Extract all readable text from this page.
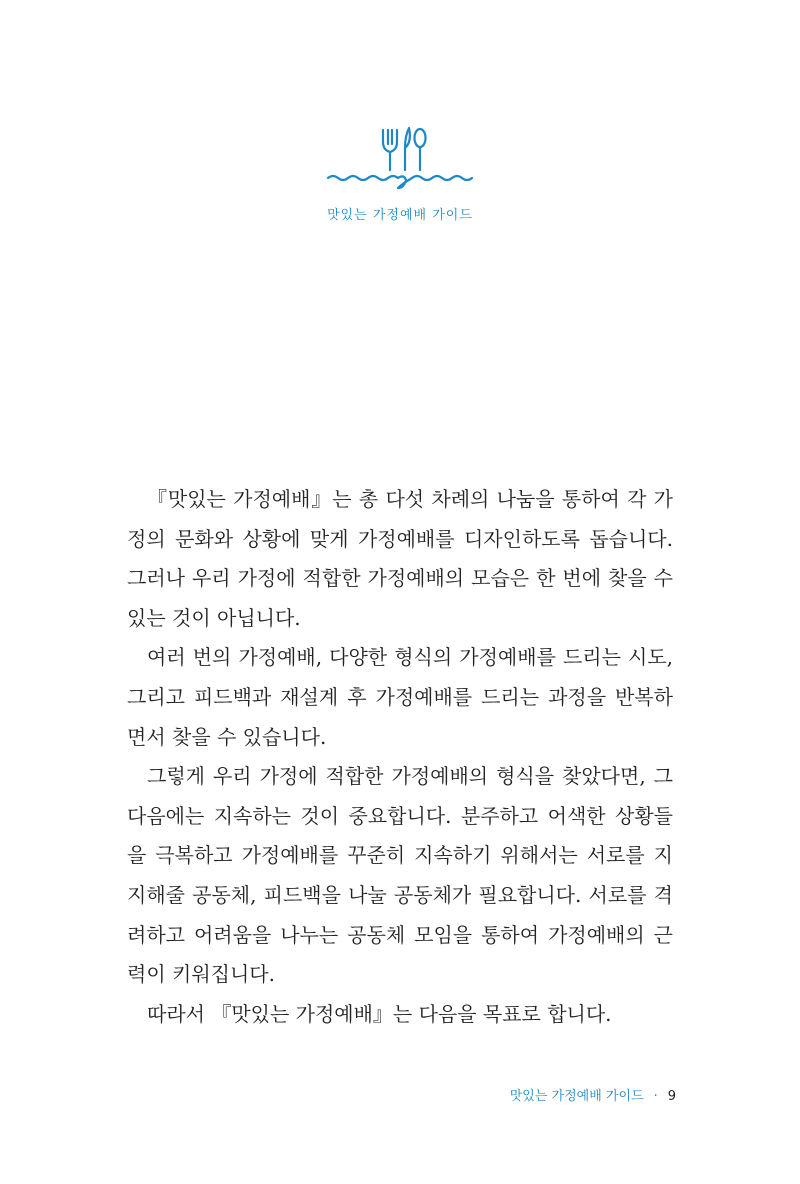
맛있는 가정예배 가이드

『맛있는 가정예배』는 총 다섯 차례의 나눔을 통하여 각 가정의 문화와 상황에 맞게 가정예배를 디자인하도록 돕습니다. 그러나 우리 가정에 적합한 가정예배의 모습은 한 번에 찾을 수 있는 것이 아닙니다.

여러 번의 가정예배, 다양한 형식의 가정예배를 드리는 시도, 그리고 피드백과 재설계 후 가정예배를 드리는 과정을 반복하면서 찾을 수 있습니다.

그렇게 우리 가정에 적합한 가정예배의 형식을 찾았다면, 그 다음에는 지속하는 것이 중요합니다. 분주하고 어색한 상황들을 극복하고 가정예배를 꾸준히 지속하기 위해서는 서로를 지지해줄 공동체, 피드백을 나눌 공동체가 필요합니다. 서로를 격려하고 어려움을 나누는 공동체 모임을 통하여 가정예배의 근력이 키워집니다.

따라서 『맛있는 가정예배』는 다음을 목표로 합니다.

맛있는 가정예배 가이드 · 9
